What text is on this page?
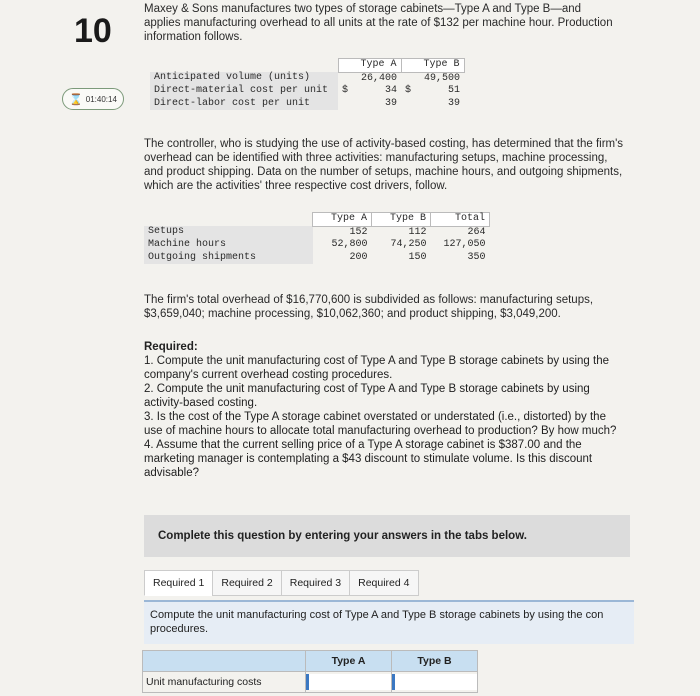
10
⌛ 01:40:14
Maxey & Sons manufactures two types of storage cabinets—Type A and Type B—and applies manufacturing overhead to all units at the rate of $132 per machine hour. Production information follows.
	Type A	Type B
Anticipated volume (units)	26,400	49,500
Direct-material cost per unit	$ 34	$ 51
Direct-labor cost per unit	39	39
The controller, who is studying the use of activity-based costing, has determined that the firm's overhead can be identified with three activities: manufacturing setups, machine processing, and product shipping. Data on the number of setups, machine hours, and outgoing shipments, which are the activities' three respective cost drivers, follow.
	Type A	Type B	Total
Setups	152	112	264
Machine hours	52,800	74,250	127,050
Outgoing shipments	200	150	350
The firm's total overhead of $16,770,600 is subdivided as follows: manufacturing setups, $3,659,040; machine processing, $10,062,360; and product shipping, $3,049,200.

Required:

1. Compute the unit manufacturing cost of Type A and Type B storage cabinets by using the company's current overhead costing procedures.

2. Compute the unit manufacturing cost of Type A and Type B storage cabinets by using activity-based costing.

3. Is the cost of the Type A storage cabinet overstated or understated (i.e., distorted) by the use of machine hours to allocate total manufacturing overhead to production? By how much?

4. Assume that the current selling price of a Type A storage cabinet is $387.00 and the marketing manager is contemplating a $43 discount to stimulate volume. Is this discount advisable?

Complete this question by entering your answers in the tabs below.
Required 1	Required 2	Required 3	Required 4
Compute the unit manufacturing cost of Type A and Type B storage cabinets by using the con procedures.
	Type A	Type B
Unit manufacturing costs		
